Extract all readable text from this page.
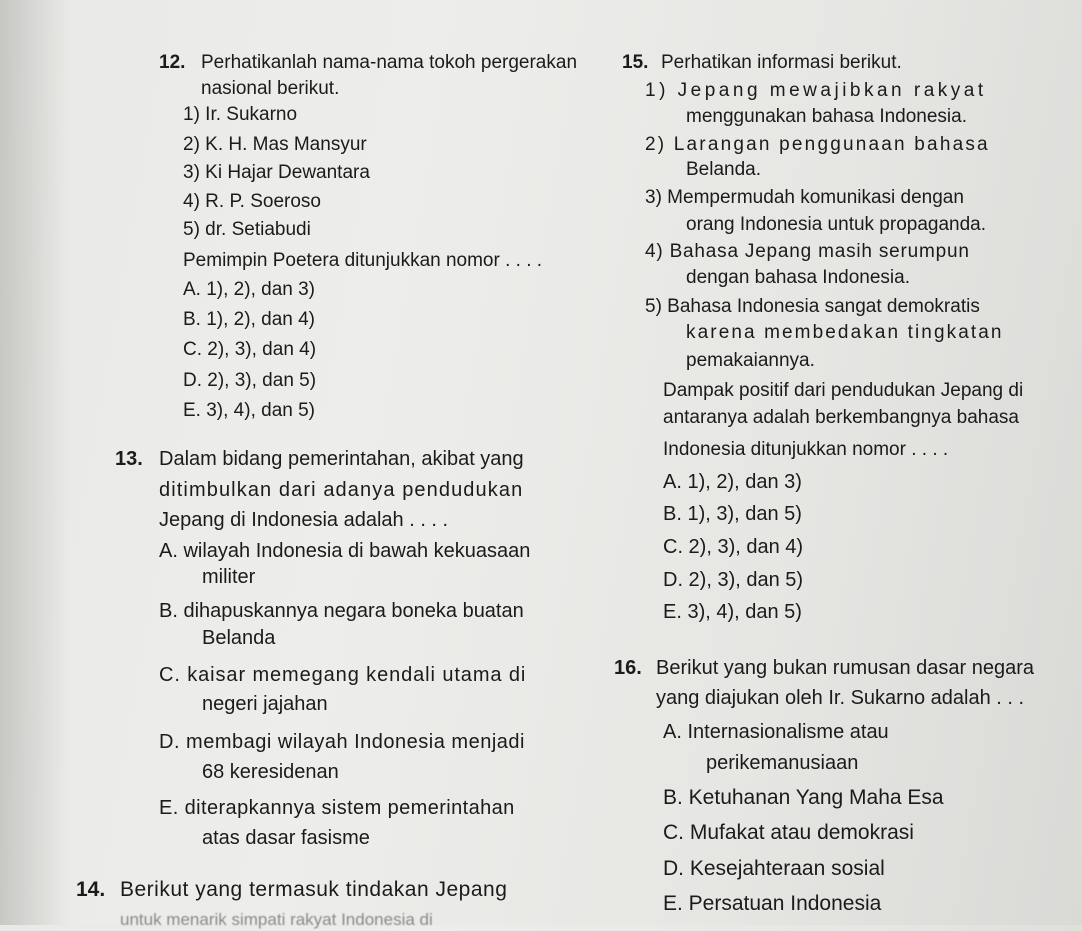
12. Perhatikanlah nama-nama tokoh pergerakan
nasional berikut.
1) Ir. Sukarno
2) K. H. Mas Mansyur
3) Ki Hajar Dewantara
4) R. P. Soeroso
5) dr. Setiabudi
Pemimpin Poetera ditunjukkan nomor . . . .
A. 1), 2), dan 3)
B. 1), 2), dan 4)
C. 2), 3), dan 4)
D. 2), 3), dan 5)
E. 3), 4), dan 5)
13. Dalam bidang pemerintahan, akibat yang
ditimbulkan dari adanya pendudukan
Jepang di Indonesia adalah . . . .
A. wilayah Indonesia di bawah kekuasaan
militer
B. dihapuskannya negara boneka buatan
Belanda
C. kaisar memegang kendali utama di
negeri jajahan
D. membagi wilayah Indonesia menjadi
68 keresidenan
E. diterapkannya sistem pemerintahan
atas dasar fasisme
14. Berikut yang termasuk tindakan Jepang
untuk menarik simpati rakyat Indonesia di
15. Perhatikan informasi berikut.
1) Jepang mewajibkan rakyat
menggunakan bahasa Indonesia.
2) Larangan penggunaan bahasa
Belanda.
3) Mempermudah komunikasi dengan
orang Indonesia untuk propaganda.
4) Bahasa Jepang masih serumpun
dengan bahasa Indonesia.
5) Bahasa Indonesia sangat demokratis
karena membedakan tingkatan
pemakaiannya.
Dampak positif dari pendudukan Jepang di
antaranya adalah berkembangnya bahasa
Indonesia ditunjukkan nomor . . . .
A. 1), 2), dan 3)
B. 1), 3), dan 5)
C. 2), 3), dan 4)
D. 2), 3), dan 5)
E. 3), 4), dan 5)
16. Berikut yang bukan rumusan dasar negara
yang diajukan oleh Ir. Sukarno adalah . . .
A. Internasionalisme atau
perikemanusiaan
B. Ketuhanan Yang Maha Esa
C. Mufakat atau demokrasi
D. Kesejahteraan sosial
E. Persatuan Indonesia
